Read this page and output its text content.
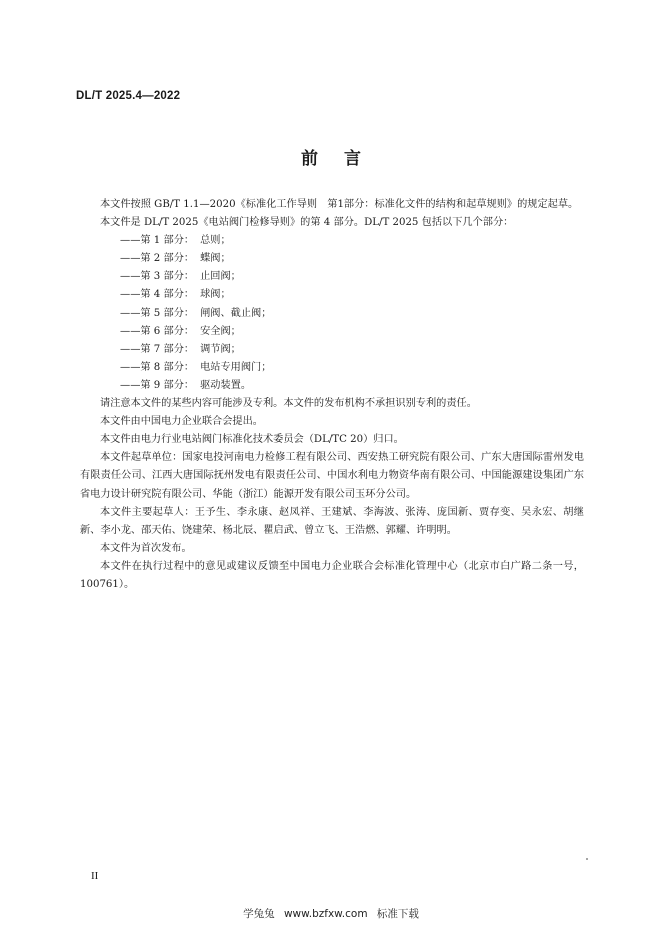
DL/T 2025.4—2022
前言

本文件按照 GB/T 1.1—2020《标准化工作导则　第1部分：标准化文件的结构和起草规则》的规定起草。

本文件是 DL/T 2025《电站阀门检修导则》的第 4 部分。DL/T 2025 包括以下几个部分：

——第 1 部分： 总则；
——第 2 部分： 蝶阀；
——第 3 部分： 止回阀；
——第 4 部分： 球阀；
——第 5 部分： 闸阀、截止阀；
——第 6 部分： 安全阀；
——第 7 部分： 调节阀；
——第 8 部分： 电站专用阀门；
——第 9 部分： 驱动装置。

请注意本文件的某些内容可能涉及专利。本文件的发布机构不承担识别专利的责任。

本文件由中国电力企业联合会提出。

本文件由电力行业电站阀门标准化技术委员会（DL/TC 20）归口。

本文件起草单位：国家电投河南电力检修工程有限公司、西安热工研究院有限公司、广东大唐国际雷州发电有限责任公司、江西大唐国际抚州发电有限责任公司、中国水利电力物资华南有限公司、中国能源建设集团广东省电力设计研究院有限公司、华能（浙江）能源开发有限公司玉环分公司。

本文件主要起草人：王予生、李永康、赵凤祥、王建斌、李海波、张涛、庞国新、贾存变、吴永宏、胡继新、李小龙、邵天佑、饶建荣、杨北辰、瞿启武、曾立飞、王浩燃、郭耀、许明明。

本文件为首次发布。

本文件在执行过程中的意见或建议反馈至中国电力企业联合会标准化管理中心（北京市白广路二条一号，100761）。

II
学兔兔 www.bzfxw.com 标准下载
